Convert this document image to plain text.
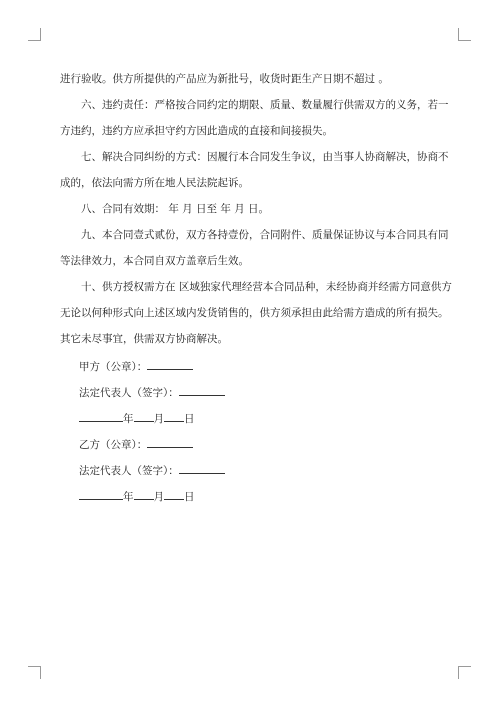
进行验收。供方所提供的产品应为新批号，收货时距生产日期不超过 。
六、违约责任：严格按合同约定的期限、质量、数量履行供需双方的义务，若一
方违约，违约方应承担守约方因此造成的直接和间接损失。
七、解决合同纠纷的方式：因履行本合同发生争议，由当事人协商解决，协商不
成的，依法向需方所在地人民法院起诉。
八、合同有效期： 年 月 日至 年 月 日。
九、本合同壹式贰份，双方各持壹份，合同附件、质量保证协议与本合同具有同
等法律效力，本合同自双方盖章后生效。
十、供方授权需方在 区域独家代理经营本合同品种，未经协商并经需方同意供方
无论以何种形式向上述区域内发货销售的，供方须承担由此给需方造成的所有损失。
其它未尽事宜，供需双方协商解决。
甲方（公章）：
法定代表人（签字）：
年 月 日
乙方（公章）：
法定代表人（签字）：
年 月 日
